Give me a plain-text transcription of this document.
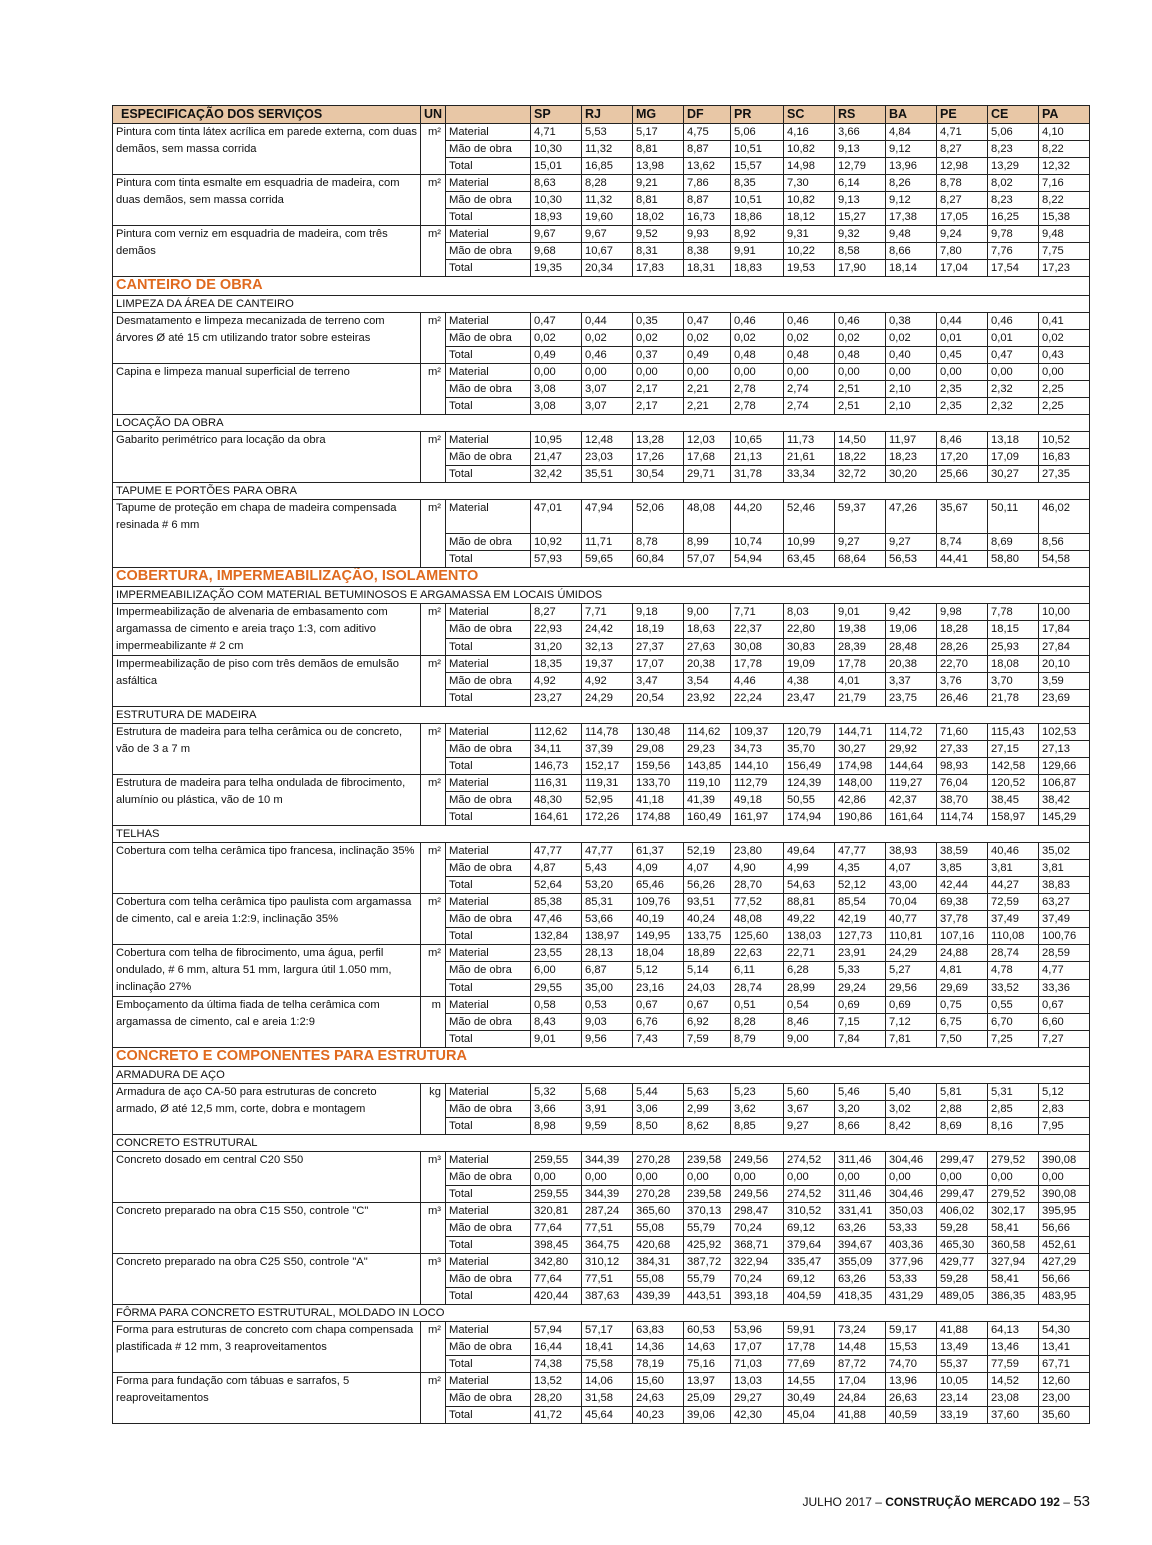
ESPECIFICAÇÃO DOS SERVIÇOS	UN		SP	RJ	MG	DF	PR	SC	RS	BA	PE	CE	PA
Pintura com tinta látex acrílica em parede externa, com duas demãos, sem massa corrida	m²	Material	4,71	5,53	5,17	4,75	5,06	4,16	3,66	4,84	4,71	5,06	4,10
		Mão de obra	10,30	11,32	8,81	8,87	10,51	10,82	9,13	9,12	8,27	8,23	8,22
		Total	15,01	16,85	13,98	13,62	15,57	14,98	12,79	13,96	12,98	13,29	12,32
Pintura com tinta esmalte em esquadria de madeira, com duas demãos, sem massa corrida	m²	Material	8,63	8,28	9,21	7,86	8,35	7,30	6,14	8,26	8,78	8,02	7,16
		Mão de obra	10,30	11,32	8,81	8,87	10,51	10,82	9,13	9,12	8,27	8,23	8,22
		Total	18,93	19,60	18,02	16,73	18,86	18,12	15,27	17,38	17,05	16,25	15,38
Pintura com verniz em esquadria de madeira, com três demãos	m²	Material	9,67	9,67	9,52	9,93	8,92	9,31	9,32	9,48	9,24	9,78	9,48
		Mão de obra	9,68	10,67	8,31	8,38	9,91	10,22	8,58	8,66	7,80	7,76	7,75
		Total	19,35	20,34	17,83	18,31	18,83	19,53	17,90	18,14	17,04	17,54	17,23
CANTEIRO DE OBRA													
LIMPEZA DA ÁREA DE CANTEIRO													
Desmatamento e limpeza mecanizada de terreno com árvores Ø até 15 cm utilizando trator sobre esteiras	m²	Material	0,47	0,44	0,35	0,47	0,46	0,46	0,46	0,38	0,44	0,46	0,41
		Mão de obra	0,02	0,02	0,02	0,02	0,02	0,02	0,02	0,02	0,01	0,01	0,02
		Total	0,49	0,46	0,37	0,49	0,48	0,48	0,48	0,40	0,45	0,47	0,43
Capina e limpeza manual superficial de terreno	m²	Material	0,00	0,00	0,00	0,00	0,00	0,00	0,00	0,00	0,00	0,00	0,00
		Mão de obra	3,08	3,07	2,17	2,21	2,78	2,74	2,51	2,10	2,35	2,32	2,25
		Total	3,08	3,07	2,17	2,21	2,78	2,74	2,51	2,10	2,35	2,32	2,25
LOCAÇÃO DA OBRA													
Gabarito perimétrico para locação da obra	m²	Material	10,95	12,48	13,28	12,03	10,65	11,73	14,50	11,97	8,46	13,18	10,52
		Mão de obra	21,47	23,03	17,26	17,68	21,13	21,61	18,22	18,23	17,20	17,09	16,83
		Total	32,42	35,51	30,54	29,71	31,78	33,34	32,72	30,20	25,66	30,27	27,35
TAPUME E PORTÕES PARA OBRA													
Tapume de proteção em chapa de madeira compensada resinada # 6 mm	m²	Material	47,01	47,94	52,06	48,08	44,20	52,46	59,37	47,26	35,67	50,11	46,02
		Mão de obra	10,92	11,71	8,78	8,99	10,74	10,99	9,27	9,27	8,74	8,69	8,56
		Total	57,93	59,65	60,84	57,07	54,94	63,45	68,64	56,53	44,41	58,80	54,58
COBERTURA, IMPERMEABILIZAÇÃO, ISOLAMENTO													
IMPERMEABILIZAÇÃO COM MATERIAL BETUMINOSOS E ARGAMASSA EM LOCAIS ÚMIDOS													
Impermeabilização de alvenaria de embasamento com argamassa de cimento e areia traço 1:3, com aditivo impermeabilizante # 2 cm	m²	Material	8,27	7,71	9,18	9,00	7,71	8,03	9,01	9,42	9,98	7,78	10,00
		Mão de obra	22,93	24,42	18,19	18,63	22,37	22,80	19,38	19,06	18,28	18,15	17,84
		Total	31,20	32,13	27,37	27,63	30,08	30,83	28,39	28,48	28,26	25,93	27,84
Impermeabilização de piso com três demãos de emulsão asfáltica	m²	Material	18,35	19,37	17,07	20,38	17,78	19,09	17,78	20,38	22,70	18,08	20,10
		Mão de obra	4,92	4,92	3,47	3,54	4,46	4,38	4,01	3,37	3,76	3,70	3,59
		Total	23,27	24,29	20,54	23,92	22,24	23,47	21,79	23,75	26,46	21,78	23,69
ESTRUTURA DE MADEIRA													
Estrutura de madeira para telha cerâmica ou de concreto, vão de 3 a 7 m	m²	Material	112,62	114,78	130,48	114,62	109,37	120,79	144,71	114,72	71,60	115,43	102,53
		Mão de obra	34,11	37,39	29,08	29,23	34,73	35,70	30,27	29,92	27,33	27,15	27,13
		Total	146,73	152,17	159,56	143,85	144,10	156,49	174,98	144,64	98,93	142,58	129,66
Estrutura de madeira para telha ondulada de fibrocimento, alumínio ou plástica, vão de 10 m	m²	Material	116,31	119,31	133,70	119,10	112,79	124,39	148,00	119,27	76,04	120,52	106,87
		Mão de obra	48,30	52,95	41,18	41,39	49,18	50,55	42,86	42,37	38,70	38,45	38,42
		Total	164,61	172,26	174,88	160,49	161,97	174,94	190,86	161,64	114,74	158,97	145,29
TELHAS													
Cobertura com telha cerâmica tipo francesa, inclinação 35%	m²	Material	47,77	47,77	61,37	52,19	23,80	49,64	47,77	38,93	38,59	40,46	35,02
		Mão de obra	4,87	5,43	4,09	4,07	4,90	4,99	4,35	4,07	3,85	3,81	3,81
		Total	52,64	53,20	65,46	56,26	28,70	54,63	52,12	43,00	42,44	44,27	38,83
Cobertura com telha cerâmica tipo paulista com argamassa de cimento, cal e areia 1:2:9, inclinação 35%	m²	Material	85,38	85,31	109,76	93,51	77,52	88,81	85,54	70,04	69,38	72,59	63,27
		Mão de obra	47,46	53,66	40,19	40,24	48,08	49,22	42,19	40,77	37,78	37,49	37,49
		Total	132,84	138,97	149,95	133,75	125,60	138,03	127,73	110,81	107,16	110,08	100,76
Cobertura com telha de fibrocimento, uma água, perfil ondulado, # 6 mm, altura 51 mm, largura útil 1.050 mm, inclinação 27%	m²	Material	23,55	28,13	18,04	18,89	22,63	22,71	23,91	24,29	24,88	28,74	28,59
		Mão de obra	6,00	6,87	5,12	5,14	6,11	6,28	5,33	5,27	4,81	4,78	4,77
		Total	29,55	35,00	23,16	24,03	28,74	28,99	29,24	29,56	29,69	33,52	33,36
Emboçamento da última fiada de telha cerâmica com argamassa de cimento, cal e areia 1:2:9	m	Material	0,58	0,53	0,67	0,67	0,51	0,54	0,69	0,69	0,75	0,55	0,67
		Mão de obra	8,43	9,03	6,76	6,92	8,28	8,46	7,15	7,12	6,75	6,70	6,60
		Total	9,01	9,56	7,43	7,59	8,79	9,00	7,84	7,81	7,50	7,25	7,27
CONCRETO E COMPONENTES PARA ESTRUTURA													
ARMADURA DE AÇO													
Armadura de aço CA-50 para estruturas de concreto armado, Ø até 12,5 mm, corte, dobra e montagem	kg	Material	5,32	5,68	5,44	5,63	5,23	5,60	5,46	5,40	5,81	5,31	5,12
		Mão de obra	3,66	3,91	3,06	2,99	3,62	3,67	3,20	3,02	2,88	2,85	2,83
		Total	8,98	9,59	8,50	8,62	8,85	9,27	8,66	8,42	8,69	8,16	7,95
CONCRETO ESTRUTURAL													
Concreto dosado em central C20 S50	m³	Material	259,55	344,39	270,28	239,58	249,56	274,52	311,46	304,46	299,47	279,52	390,08
		Mão de obra	0,00	0,00	0,00	0,00	0,00	0,00	0,00	0,00	0,00	0,00	0,00
		Total	259,55	344,39	270,28	239,58	249,56	274,52	311,46	304,46	299,47	279,52	390,08
Concreto preparado na obra C15 S50, controle "C"	m³	Material	320,81	287,24	365,60	370,13	298,47	310,52	331,41	350,03	406,02	302,17	395,95
		Mão de obra	77,64	77,51	55,08	55,79	70,24	69,12	63,26	53,33	59,28	58,41	56,66
		Total	398,45	364,75	420,68	425,92	368,71	379,64	394,67	403,36	465,30	360,58	452,61
Concreto preparado na obra C25 S50, controle "A"	m³	Material	342,80	310,12	384,31	387,72	322,94	335,47	355,09	377,96	429,77	327,94	427,29
		Mão de obra	77,64	77,51	55,08	55,79	70,24	69,12	63,26	53,33	59,28	58,41	56,66
		Total	420,44	387,63	439,39	443,51	393,18	404,59	418,35	431,29	489,05	386,35	483,95
FÔRMA PARA CONCRETO ESTRUTURAL, MOLDADO IN LOCO													
Forma para estruturas de concreto com chapa compensada plastificada # 12 mm, 3 reaproveitamentos	m²	Material	57,94	57,17	63,83	60,53	53,96	59,91	73,24	59,17	41,88	64,13	54,30
		Mão de obra	16,44	18,41	14,36	14,63	17,07	17,78	14,48	15,53	13,49	13,46	13,41
		Total	74,38	75,58	78,19	75,16	71,03	77,69	87,72	74,70	55,37	77,59	67,71
Forma para fundação com tábuas e sarrafos, 5 reaproveitamentos	m²	Material	13,52	14,06	15,60	13,97	13,03	14,55	17,04	13,96	10,05	14,52	12,60
		Mão de obra	28,20	31,58	24,63	25,09	29,27	30,49	24,84	26,63	23,14	23,08	23,00
		Total	41,72	45,64	40,23	39,06	42,30	45,04	41,88	40,59	33,19	37,60	35,60
JULHO 2017 – CONSTRUÇÃO MERCADO 192 – 53
